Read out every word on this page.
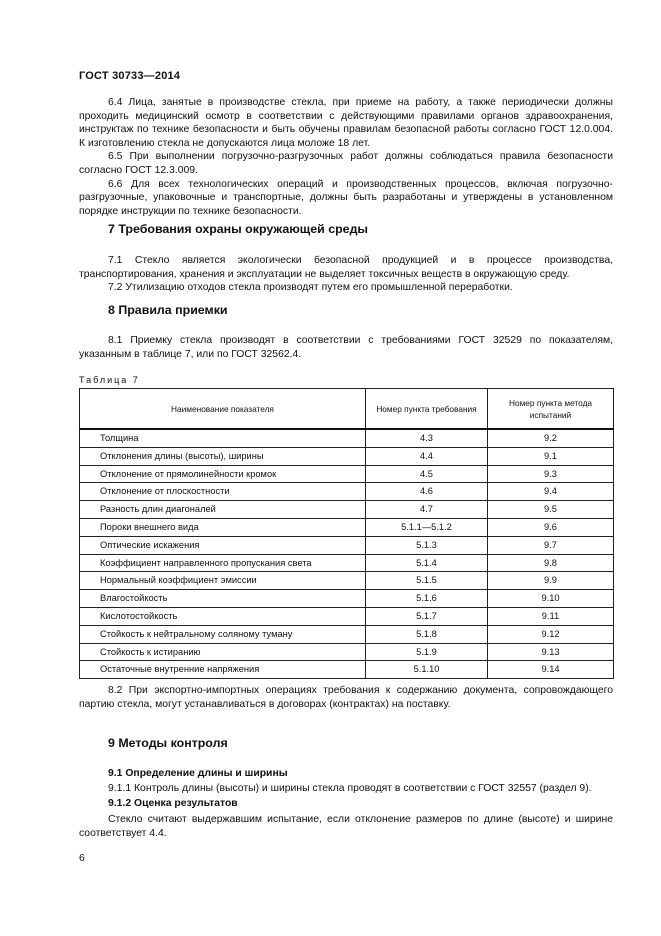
ГОСТ 30733—2014

6.4 Лица, занятые в производстве стекла, при приеме на работу, а также периодически должны проходить медицинский осмотр в соответствии с действующими правилами органов здравоохранения, инструктаж по технике безопасности и быть обучены правилам безопасной работы согласно ГОСТ 12.0.004. К изготовлению стекла не допускаются лица моложе 18 лет.

6.5 При выполнении погрузочно-разгрузочных работ должны соблюдаться правила безопасности согласно ГОСТ 12.3.009.

6.6 Для всех технологических операций и производственных процессов, включая погрузочно-разгрузочные, упаковочные и транспортные, должны быть разработаны и утверждены в установленном порядке инструкции по технике безопасности.

7 Требования охраны окружающей среды

7.1 Стекло является экологически безопасной продукцией и в процессе производства, транспортирования, хранения и эксплуатации не выделяет токсичных веществ в окружающую среду.

7.2 Утилизацию отходов стекла производят путем его промышленной переработки.

8 Правила приемки

8.1 Приемку стекла производят в соответствии с требованиями ГОСТ 32529 по показателям, указанным в таблице 7, или по ГОСТ 32562.4.

Таблица 7
Наименование показателя	Номер пункта требования	Номер пункта метода испытаний
Толщина	4.3	9.2
Отклонения длины (высоты), ширины	4.4	9.1
Отклонение от прямолинейности кромок	4.5	9.3
Отклонение от плоскостности	4.6	9.4
Разность длин диагоналей	4.7	9.5
Пороки внешнего вида	5.1.1—5.1.2	9.6
Оптические искажения	5.1.3	9.7
Коэффициент направленного пропускания света	5.1.4	9.8
Нормальный коэффициент эмиссии	5.1.5	9.9
Влагостойкость	5.1.6	9.10
Кислотостойкость	5.1.7	9.11
Стойкость к нейтральному соляному туману	5.1.8	9.12
Стойкость к истиранию	5.1.9	9.13
Остаточные внутренние напряжения	5.1.10	9.14

8.2 При экспортно-импортных операциях требования к содержанию документа, сопровождающего партию стекла, могут устанавливаться в договорах (контрактах) на поставку.

9 Методы контроля
9.1 Определение длины и ширины

9.1.1 Контроль длины (высоты) и ширины стекла проводят в соответствии с ГОСТ 32557 (раздел 9).

9.1.2 Оценка результатов

Стекло считают выдержавшим испытание, если отклонение размеров по длине (высоте) и ширине соответствует 4.4.

6
